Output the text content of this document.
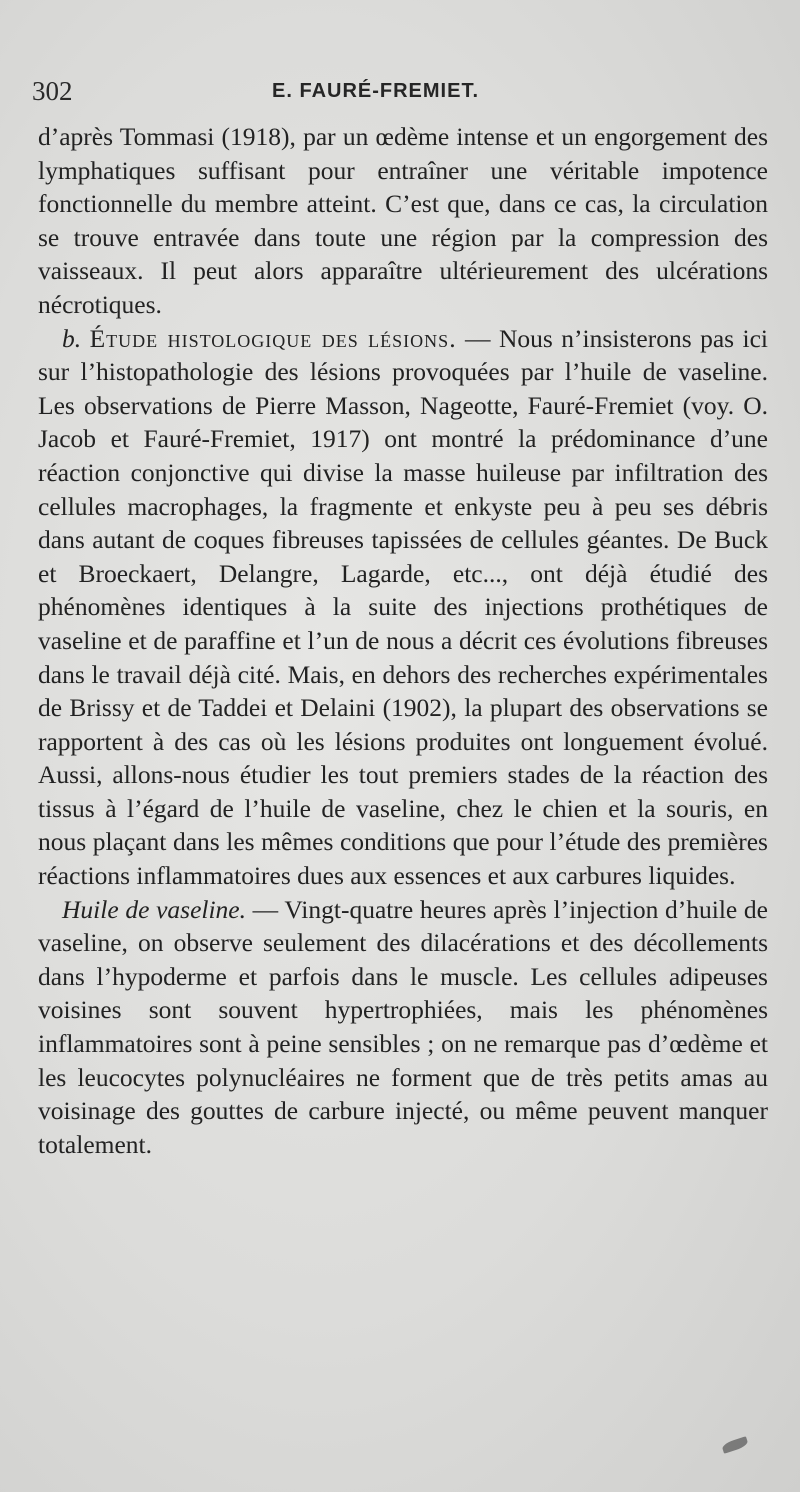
302	E. FAURÉ-FREMIET.

d’après Tommasi (1918), par un œdème intense et un engorgement des lymphatiques suffisant pour entraîner une véritable impotence fonctionnelle du membre atteint. C’est que, dans ce cas, la circulation se trouve entravée dans toute une région par la compression des vaisseaux. Il peut alors apparaître ultérieurement des ulcérations nécrotiques.

b. Étude histologique des lésions. — Nous n’insisterons pas ici sur l’histopathologie des lésions provoquées par l’huile de vaseline. Les observations de Pierre Masson, Nageotte, Fauré-Fremiet (voy. O. Jacob et Fauré-Fremiet, 1917) ont montré la prédominance d’une réaction conjonctive qui divise la masse huileuse par infiltration des cellules macrophages, la fragmente et enkyste peu à peu ses débris dans autant de coques fibreuses tapissées de cellules géantes. De Buck et Broeckaert, Delangre, Lagarde, etc..., ont déjà étudié des phénomènes identiques à la suite des injections prothétiques de vaseline et de paraffine et l’un de nous a décrit ces évolutions fibreuses dans le travail déjà cité. Mais, en dehors des recherches expérimentales de Brissy et de Taddei et Delaini (1902), la plupart des observations se rapportent à des cas où les lésions produites ont longuement évolué. Aussi, allons-nous étudier les tout premiers stades de la réaction des tissus à l’égard de l’huile de vaseline, chez le chien et la souris, en nous plaçant dans les mêmes conditions que pour l’étude des premières réactions inflammatoires dues aux essences et aux carbures liquides.

Huile de vaseline. — Vingt-quatre heures après l’injection d’huile de vaseline, on observe seulement des dilacérations et des décollements dans l’hypoderme et parfois dans le muscle. Les cellules adipeuses voisines sont souvent hypertrophiées, mais les phénomènes inflammatoires sont à peine sensibles ; on ne remarque pas d’œdème et les leucocytes polynucléaires ne forment que de très petits amas au voisinage des gouttes de carbure injecté, ou même peuvent manquer totalement.
